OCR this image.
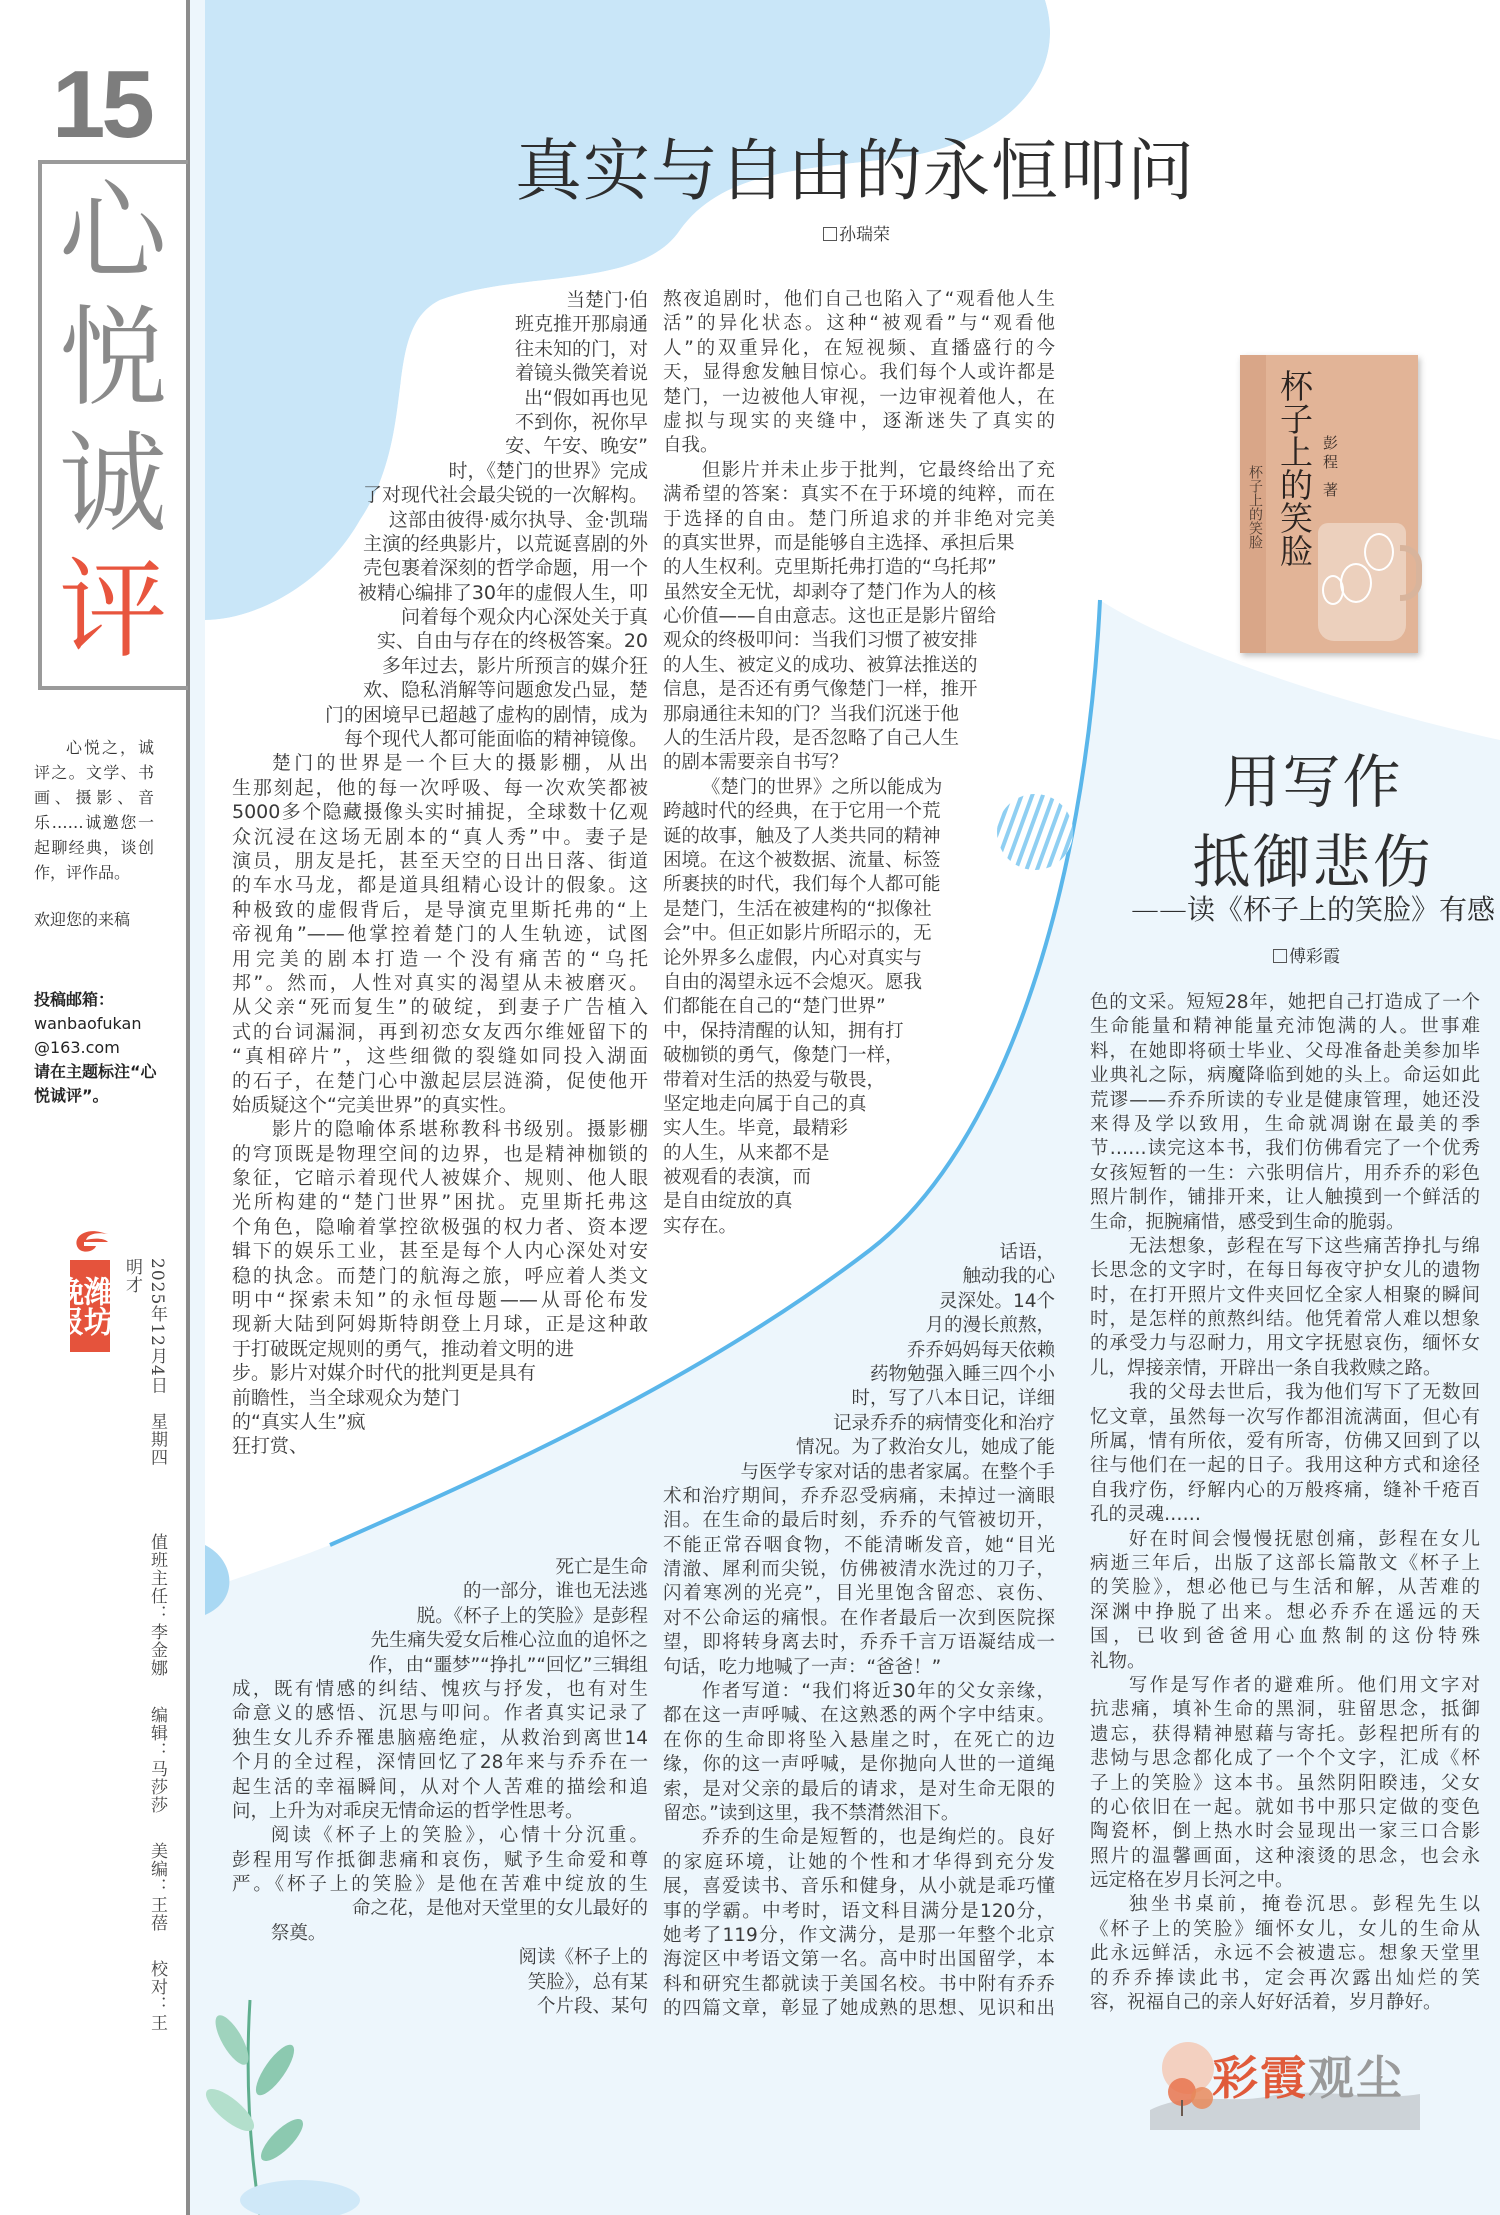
15
心
悦
诚
评

心悦之，诚评之。文学、书画、摄影、音乐……诚邀您一起聊经典，谈创作，评作品。

欢迎您的来稿

投稿邮箱：
wanbaofukan@163.com
请在主题标注“心悦诚评”。
潍坊晚报	2025年12月4日　星期四 值班主任：李金娜 编辑：马莎莎 美编：王蓓 校对：王明才
真实与自由的永恒叩问
孙瑞荣
当楚门·伯
班克推开那扇通
往未知的门，对
着镜头微笑着说
出“假如再也见
不到你，祝你早
安、午安、晚安”
时，《楚门的世界》完成
了对现代社会最尖锐的一次解构。
这部由彼得·威尔执导、金·凯瑞
主演的经典影片，以荒诞喜剧的外
壳包裹着深刻的哲学命题，用一个
被精心编排了30年的虚假人生，叩
问着每个观众内心深处关于真
实、自由与存在的终极答案。20
多年过去，影片所预言的媒介狂
欢、隐私消解等问题愈发凸显，楚
门的困境早已超越了虚构的剧情，成为
每个现代人都可能面临的精神镜像。
楚门的世界是一个巨大的摄影棚，从出
生那刻起，他的每一次呼吸、每一次欢笑都被
5000多个隐藏摄像头实时捕捉，全球数十亿观
众沉浸在这场无剧本的“真人秀”中。妻子是
演员，朋友是托，甚至天空的日出日落、街道
的车水马龙，都是道具组精心设计的假象。这
种极致的虚假背后，是导演克里斯托弗的“上
帝视角”——他掌控着楚门的人生轨迹，试图
用完美的剧本打造一个没有痛苦的“乌托
邦”。然而，人性对真实的渴望从未被磨灭。
从父亲“死而复生”的破绽，到妻子广告植入
式的台词漏洞，再到初恋女友西尔维娅留下的
“真相碎片”，这些细微的裂缝如同投入湖面
的石子，在楚门心中激起层层涟漪，促使他开
始质疑这个“完美世界”的真实性。
影片的隐喻体系堪称教科书级别。摄影棚
的穹顶既是物理空间的边界，也是精神枷锁的
象征，它暗示着现代人被媒介、规则、他人眼
光所构建的“楚门世界”困扰。克里斯托弗这
个角色，隐喻着掌控欲极强的权力者、资本逻
辑下的娱乐工业，甚至是每个人内心深处对安
稳的执念。而楚门的航海之旅，呼应着人类文
明中“探索未知”的永恒母题——从哥伦布发
现新大陆到阿姆斯特朗登上月球，正是这种敢
于打破既定规则的勇气，推动着文明的进
步。影片对媒介时代的批判更是具有
前瞻性，当全球观众为楚门
的“真实人生”疯
狂打赏、
熬夜追剧时，他们自己也陷入了“观看他人生
活”的异化状态。这种“被观看”与“观看他
人”的双重异化，在短视频、直播盛行的今
天，显得愈发触目惊心。我们每个人或许都是
楚门，一边被他人审视，一边审视着他人，在
虚拟与现实的夹缝中，逐渐迷失了真实的
自我。
但影片并未止步于批判，它最终给出了充
满希望的答案：真实不在于环境的纯粹，而在
于选择的自由。楚门所追求的并非绝对完美
的真实世界，而是能够自主选择、承担后果
的人生权利。克里斯托弗打造的“乌托邦”
虽然安全无忧，却剥夺了楚门作为人的核
心价值——自由意志。这也正是影片留给
观众的终极叩问：当我们习惯了被安排
的人生、被定义的成功、被算法推送的
信息，是否还有勇气像楚门一样，推开
那扇通往未知的门？当我们沉迷于他
人的生活片段，是否忽略了自己人生
的剧本需要亲自书写？
《楚门的世界》之所以能成为
跨越时代的经典，在于它用一个荒
诞的故事，触及了人类共同的精神
困境。在这个被数据、流量、标签
所裹挟的时代，我们每个人都可能
是楚门，生活在被建构的“拟像社
会”中。但正如影片所昭示的，无
论外界多么虚假，内心对真实与
自由的渴望永远不会熄灭。愿我
们都能在自己的“楚门世界”
中，保持清醒的认知，拥有打
破枷锁的勇气，像楚门一样，
带着对生活的热爱与敬畏，
坚定地走向属于自己的真
实人生。毕竟，最精彩
的人生，从来都不是
被观看的表演，而
是自由绽放的真
实存在。
杯子上的笑脸 杯子上的笑脸 彭程 著
用写作
抵御悲伤
——读《杯子上的笑脸》有感
傅彩霞
死亡是生命
的一部分，谁也无法逃
脱。《杯子上的笑脸》是彭程
先生痛失爱女后椎心泣血的追怀之
作，由“噩梦”“挣扎”“回忆”三辑组
成，既有情感的纠结、愧疚与抒发，也有对生
命意义的感悟、沉思与叩问。作者真实记录了
独生女儿乔乔罹患脑癌绝症，从救治到离世14
个月的全过程，深情回忆了28年来与乔乔在一
起生活的幸福瞬间，从对个人苦难的描绘和追
问，上升为对乖戾无情命运的哲学性思考。
阅读《杯子上的笑脸》，心情十分沉重。
彭程用写作抵御悲痛和哀伤，赋予生命爱和尊
严。《杯子上的笑脸》是他在苦难中绽放的生
命之花，是他对天堂里的女儿最好的
祭奠。
阅读《杯子上的
笑脸》，总有某
个片段、某句
话语，
触动我的心
灵深处。14个
月的漫长煎熬，
乔乔妈妈每天依赖
药物勉强入睡三四个小
时，写了八本日记，详细
记录乔乔的病情变化和治疗
情况。为了救治女儿，她成了能
与医学专家对话的患者家属。在整个手
术和治疗期间，乔乔忍受病痛，未掉过一滴眼
泪。在生命的最后时刻，乔乔的气管被切开，
不能正常吞咽食物，不能清晰发音，她“目光
清澈、犀利而尖锐，仿佛被清水洗过的刀子，
闪着寒冽的光亮”，目光里饱含留恋、哀伤、
对不公命运的痛恨。在作者最后一次到医院探
望，即将转身离去时，乔乔千言万语凝结成一
句话，吃力地喊了一声：“爸爸！”
作者写道：“我们将近30年的父女亲缘，
都在这一声呼喊、在这熟悉的两个字中结束。
在你的生命即将坠入悬崖之时，在死亡的边
缘，你的这一声呼喊，是你抛向人世的一道绳
索，是对父亲的最后的请求，是对生命无限的
留恋。”读到这里，我不禁潸然泪下。
乔乔的生命是短暂的，也是绚烂的。良好
的家庭环境，让她的个性和才华得到充分发
展，喜爱读书、音乐和健身，从小就是乖巧懂
事的学霸。中考时，语文科目满分是120分，
她考了119分，作文满分，是那一年整个北京
海淀区中考语文第一名。高中时出国留学，本
科和研究生都就读于美国名校。书中附有乔乔
的四篇文章，彰显了她成熟的思想、见识和出
色的文采。短短28年，她把自己打造成了一个
生命能量和精神能量充沛饱满的人。世事难
料，在她即将硕士毕业、父母准备赴美参加毕
业典礼之际，病魔降临到她的头上。命运如此
荒谬——乔乔所读的专业是健康管理，她还没
来得及学以致用，生命就凋谢在最美的季
节……读完这本书，我们仿佛看完了一个优秀
女孩短暂的一生：六张明信片，用乔乔的彩色
照片制作，铺排开来，让人触摸到一个鲜活的
生命，扼腕痛惜，感受到生命的脆弱。
无法想象，彭程在写下这些痛苦挣扎与绵
长思念的文字时，在每日每夜守护女儿的遗物
时，在打开照片文件夹回忆全家人相聚的瞬间
时，是怎样的煎熬纠结。他凭着常人难以想象
的承受力与忍耐力，用文字抚慰哀伤，缅怀女
儿，焊接亲情，开辟出一条自我救赎之路。
我的父母去世后，我为他们写下了无数回
忆文章，虽然每一次写作都泪流满面，但心有
所属，情有所依，爱有所寄，仿佛又回到了以
往与他们在一起的日子。我用这种方式和途径
自我疗伤，纾解内心的万般疼痛，缝补千疮百
孔的灵魂……
好在时间会慢慢抚慰创痛，彭程在女儿
病逝三年后，出版了这部长篇散文《杯子上
的笑脸》，想必他已与生活和解，从苦难的
深渊中挣脱了出来。想必乔乔在遥远的天
国，已收到爸爸用心血熬制的这份特殊
礼物。
写作是写作者的避难所。他们用文字对
抗悲痛，填补生命的黑洞，驻留思念，抵御
遗忘，获得精神慰藉与寄托。彭程把所有的
悲恸与思念都化成了一个个文字，汇成《杯
子上的笑脸》这本书。虽然阴阳睽违，父女
的心依旧在一起。就如书中那只定做的变色
陶瓷杯，倒上热水时会显现出一家三口合影
照片的温馨画面，这种滚烫的思念，也会永
远定格在岁月长河之中。
独坐书桌前，掩卷沉思。彭程先生以
《杯子上的笑脸》缅怀女儿，女儿的生命从
此永远鲜活，永远不会被遗忘。想象天堂里
的乔乔捧读此书，定会再次露出灿烂的笑
容，祝福自己的亲人好好活着，岁月静好。
彩霞观尘
